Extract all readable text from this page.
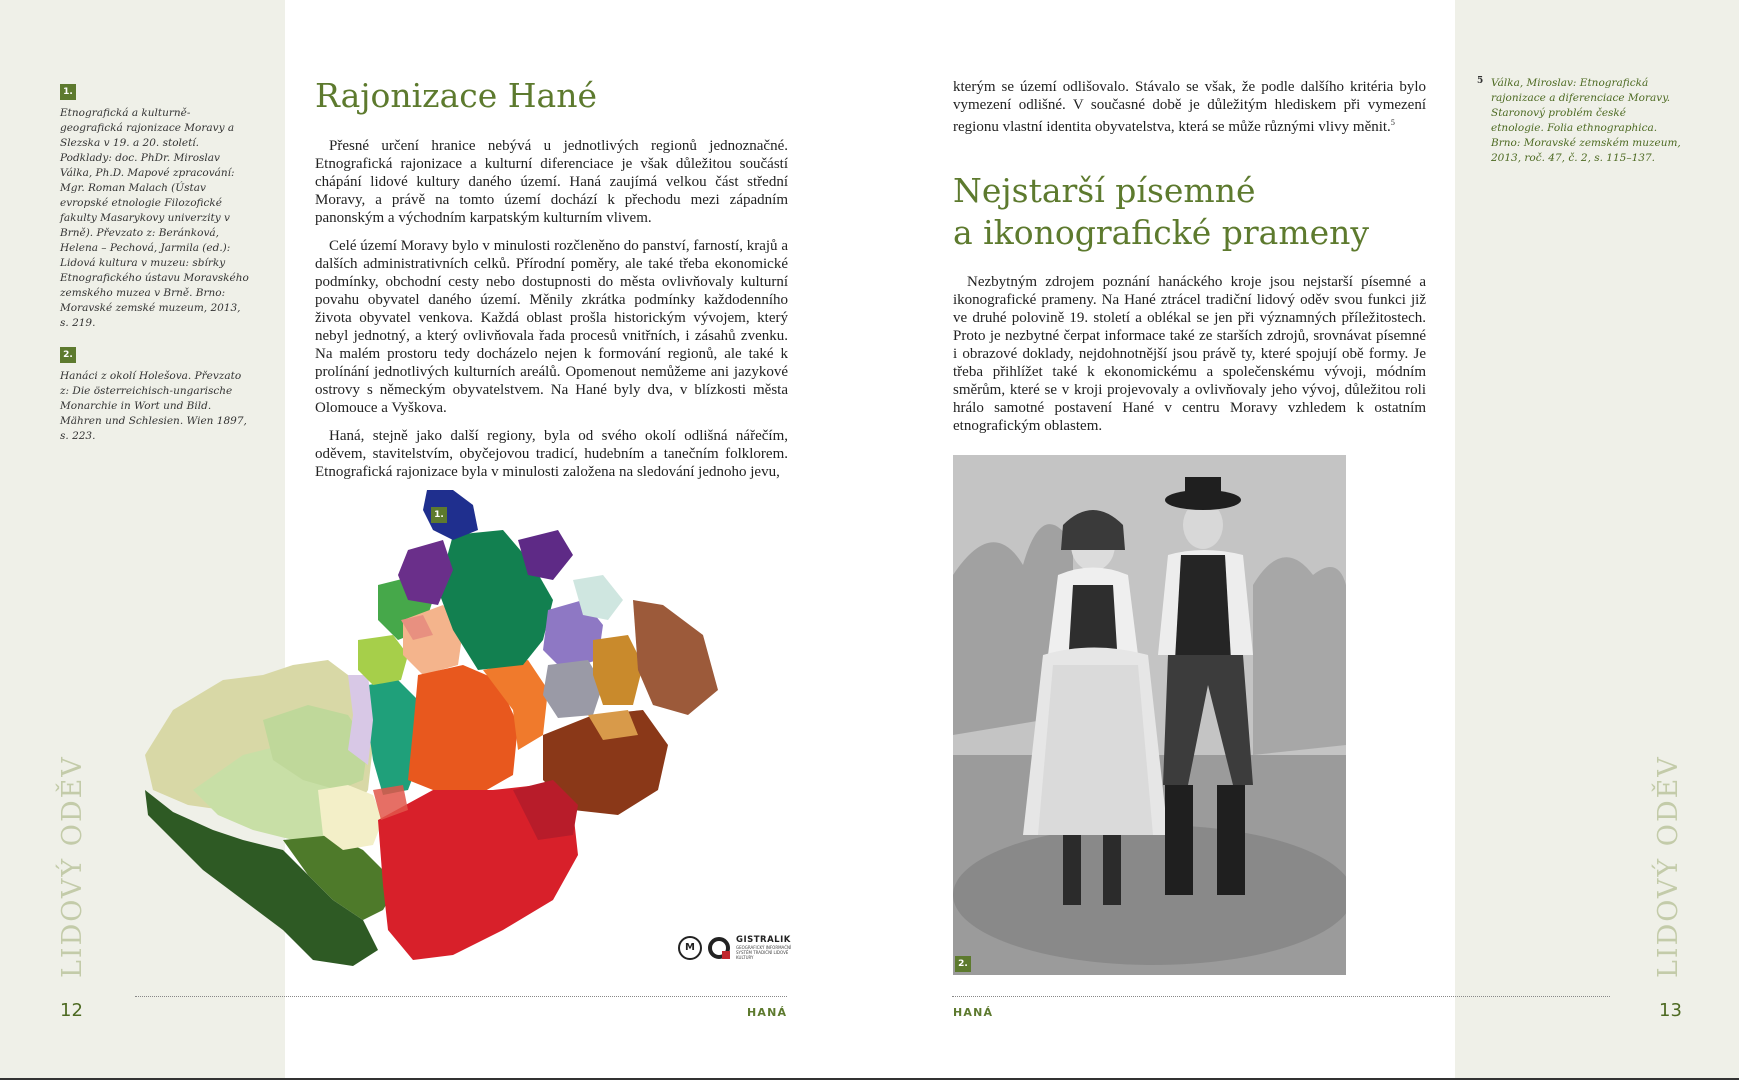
1.
Etnografická a kulturně-geografická rajonizace Moravy a Slezska v 19. a 20. století. Podklady: doc. PhDr. Miroslav Válka, Ph.D. Mapové zpracování: Mgr. Roman Malach (Ústav evropské etnologie Filozofické fakulty Masarykovy univerzity v Brně). Převzato z: Beránková, Helena – Pechová, Jarmila (ed.): Lidová kultura v muzeu: sbírky Etnografického ústavu Moravského zemského muzea v Brně. Brno: Moravské zemské muzeum, 2013, s. 219.
2.
Hanáci z okolí Holešova. Převzato z: Die österreichisch-ungarische Monarchie in Wort und Bild. Mähren und Schlesien. Wien 1897, s. 223.
Rajonizace Hané

Přesné určení hranice nebývá u jednotlivých regionů jednoznačné. Etnografická rajonizace a kulturní diferenciace je však důležitou součástí chápání lidové kultury daného území. Haná zaujímá velkou část střední Moravy, a právě na tomto území dochází k přechodu mezi západním panonským a východním karpatským kulturním vlivem.

Celé území Moravy bylo v minulosti rozčleněno do panství, farností, krajů a dalších administrativních celků. Přírodní poměry, ale také třeba ekonomické podmínky, obchodní cesty nebo dostupnosti do města ovlivňovaly kulturní povahu obyvatel daného území. Měnily zkrátka podmínky každodenního života obyvatel venkova. Každá oblast prošla historickým vývojem, který nebyl jednotný, a který ovlivňovala řada procesů vnitřních, i zásahů zvenku. Na malém prostoru tedy docházelo nejen k formování regionů, ale také k prolínání jednotlivých kulturních areálů. Opomenout nemůžeme ani jazykové ostrovy s německým obyvatelstvem. Na Hané byly dva, v blízkosti města Olomouce a Vyškova.

Haná, stejně jako další regiony, byla od svého okolí odlišná nářečím, oděvem, stavitelstvím, obyčejovou tradicí, hudebním a tanečním folklorem. Etnografická rajonizace byla v minulosti založena na sledování jednoho jevu,

1.
M
GISTRALIK
GEOGRAFICKÝ INFORMAČNÍ SYSTÉM TRADIČNÍ LIDOVÉ KULTURY

kterým se území odlišovalo. Stávalo se však, že podle dalšího kritéria bylo vymezení odlišné. V současné době je důležitým hlediskem při vymezení regionu vlastní identita obyvatelstva, která se může různými vlivy měnit.$^5$

Nejstarší písemné
a ikonografické prameny

Nezbytným zdrojem poznání hanáckého kroje jsou nejstarší písemné a ikonografické prameny. Na Hané ztrácel tradiční lidový oděv svou funkci již ve druhé polovině 19. století a oblékal se jen při významných příležitostech. Proto je nezbytné čerpat informace také ze starších zdrojů, srovnávat písemné i obrazové doklady, nejdohnotnější jsou právě ty, které spojují obě formy. Je třeba přihlížet také k ekonomickému a společenskému vývoji, módním směrům, které se v kroji projevovaly a ovlivňovaly jeho vývoj, důležitou roli hrálo samotné postavení Hané v centru Moravy vzhledem k ostatním etnografickým oblastem.

2.
5 Válka, Miroslav: Etnografická rajonizace a diferenciace Moravy. Staronový problém české etnologie. Folia ethnographica. Brno: Moravské zemském muzeum, 2013, roč. 47, č. 2, s. 115–137.
LIDOVÝ ODĚV	LIDOVÝ ODĚV
12	13
HANÁ	HANÁ
